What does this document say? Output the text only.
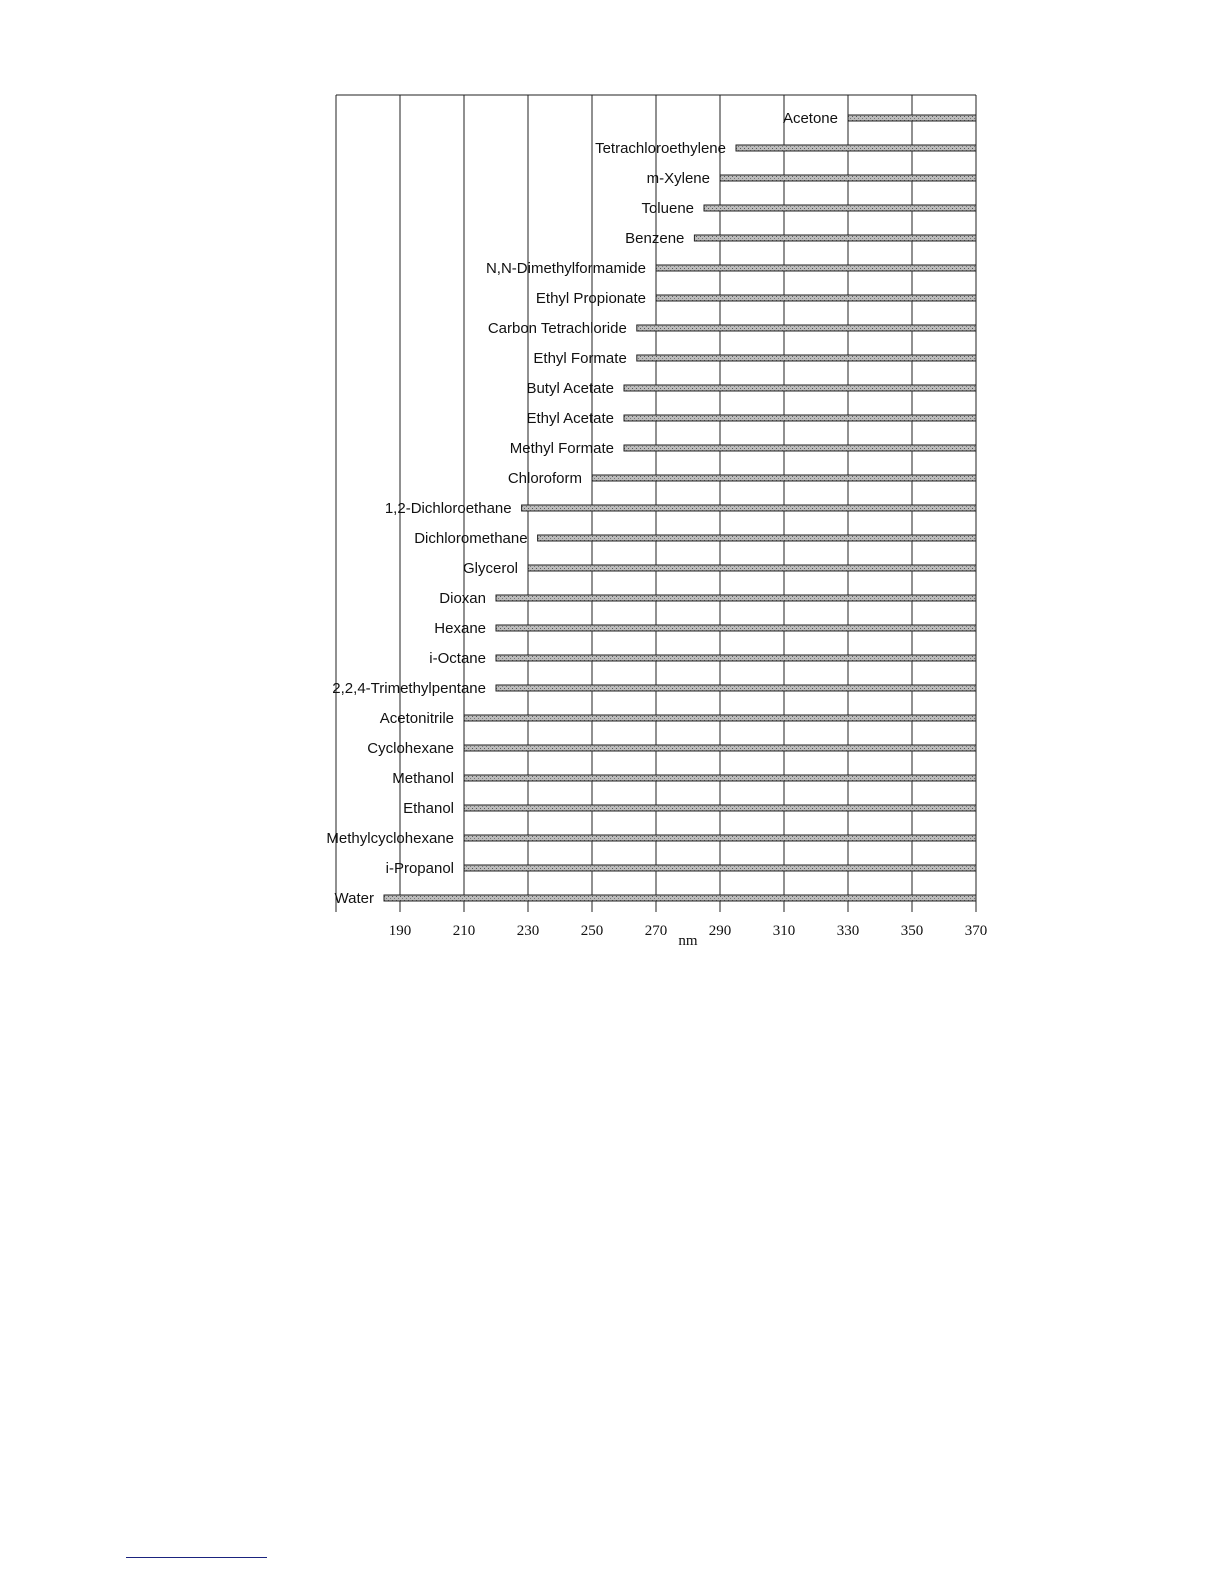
Acetone
Tetrachloroethylene
m-Xylene
Toluene
Benzene
N,N-Dimethylformamide
Ethyl Propionate
Carbon Tetrachloride
Ethyl Formate
Butyl Acetate
Ethyl Acetate
Methyl Formate
Chloroform
1,2-Dichloroethane
Dichloromethane
Glycerol
Dioxan
Hexane
i-Octane
2,2,4-Trimethylpentane
Acetonitrile
Cyclohexane
Methanol
Ethanol
Methylcyclohexane
i-Propanol
Water
190	210	230	250	270	290	310	330	350	370
nm
